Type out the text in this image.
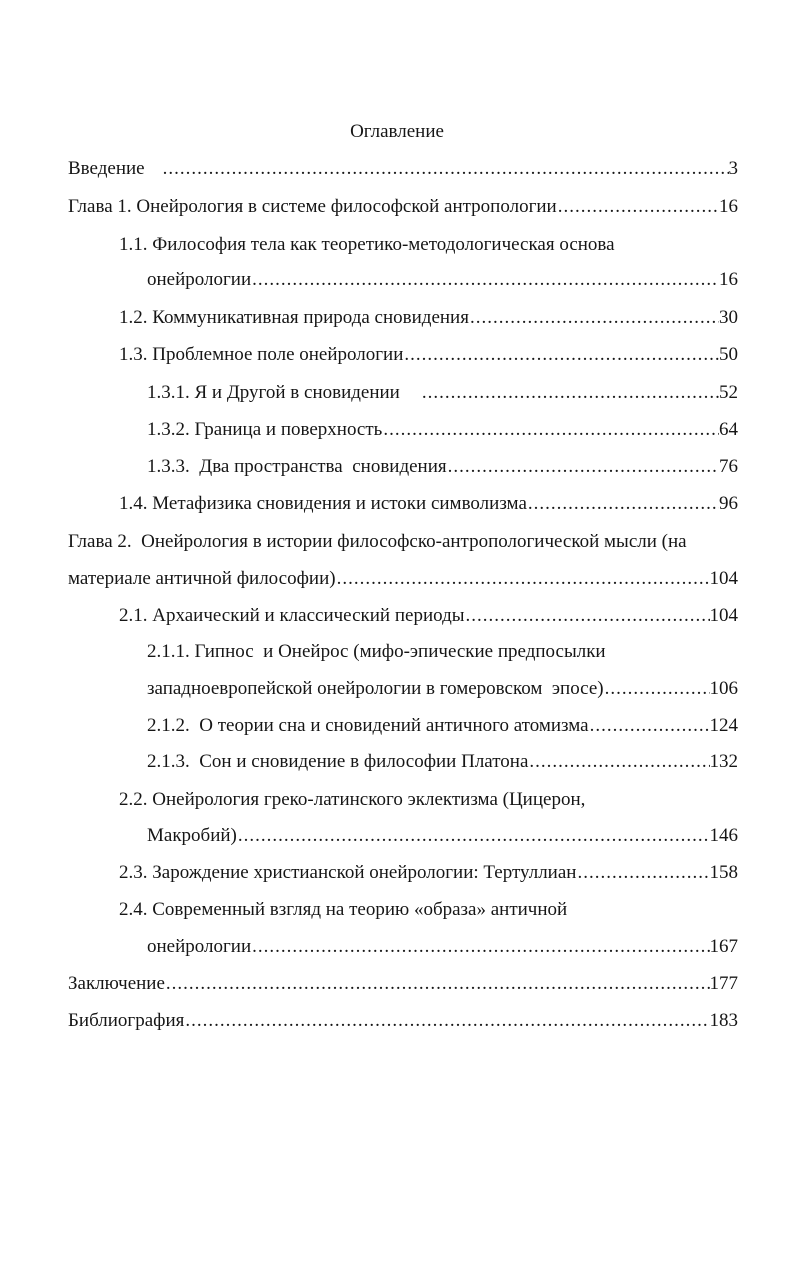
Оглавление
Введение .....	3
Глава 1. Онейрология в системе философской антропологии .....	16
1.1. Философия тела как теоретико-методологическая основа
онейрологии .....	16
1.2. Коммуникативная природа сновидения .....	30
1.3. Проблемное поле онейрологии .....	50
1.3.1. Я и Другой в сновидении .....	52
1.3.2. Граница и поверхность .....	64
1.3.3.  Два пространства  сновидения .....	76
1.4. Метафизика сновидения и истоки символизма .....	96
Глава 2.  Онейрология в истории философско-антропологической мысли (на
материале античной философии) .....	104
2.1. Архаический и классический периоды .....	104
2.1.1. Гипнос  и Онейрос (мифо-эпические предпосылки
западноевропейской онейрологии в гомеровском  эпосе) .....	106
2.1.2.  О теории сна и сновидений античного атомизма .....	124
2.1.3.  Сон и сновидение в философии Платона .....	132
2.2. Онейрология греко-латинского эклектизма (Цицерон,
Макробий) .....	146
2.3. Зарождение христианской онейрологии: Тертуллиан .....	158
2.4. Современный взгляд на теорию «образа» античной
онейрологии .....	167
Заключение .....	177
Библиография .....	183
